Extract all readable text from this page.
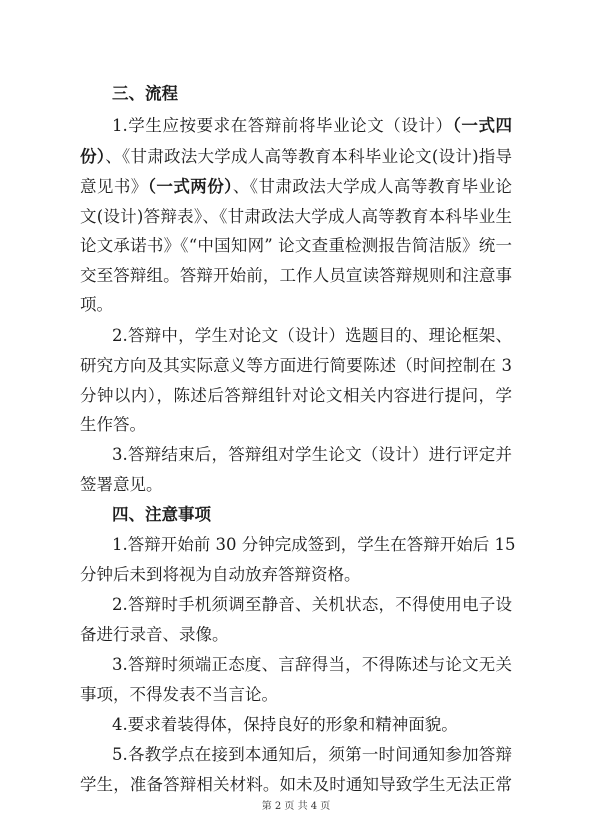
三、流程
1.学生应按要求在答辩前将毕业论文（设计）（一式四
份）、《甘肃政法大学成人高等教育本科毕业论文(设计)指导
意见书》（一式两份）、《甘肃政法大学成人高等教育毕业论
文(设计)答辩表》、《甘肃政法大学成人高等教育本科毕业生
论文承诺书》《“中国知网” 论文查重检测报告简洁版》统一
交至答辩组。答辩开始前，工作人员宣读答辩规则和注意事
项。
2.答辩中，学生对论文（设计）选题目的、理论框架、
研究方向及其实际意义等方面进行简要陈述（时间控制在 3
分钟以内），陈述后答辩组针对论文相关内容进行提问，学
生作答。
3.答辩结束后，答辩组对学生论文（设计）进行评定并
签署意见。
四、注意事项
1.答辩开始前 30 分钟完成签到，学生在答辩开始后 15
分钟后未到将视为自动放弃答辩资格。
2.答辩时手机须调至静音、关机状态，不得使用电子设
备进行录音、录像。
3.答辩时须端正态度、言辞得当，不得陈述与论文无关
事项，不得发表不当言论。
4.要求着装得体，保持良好的形象和精神面貌。
5.各教学点在接到本通知后，须第一时间通知参加答辩
学生，准备答辩相关材料。如未及时通知导致学生无法正常
第 2 页 共 4 页
